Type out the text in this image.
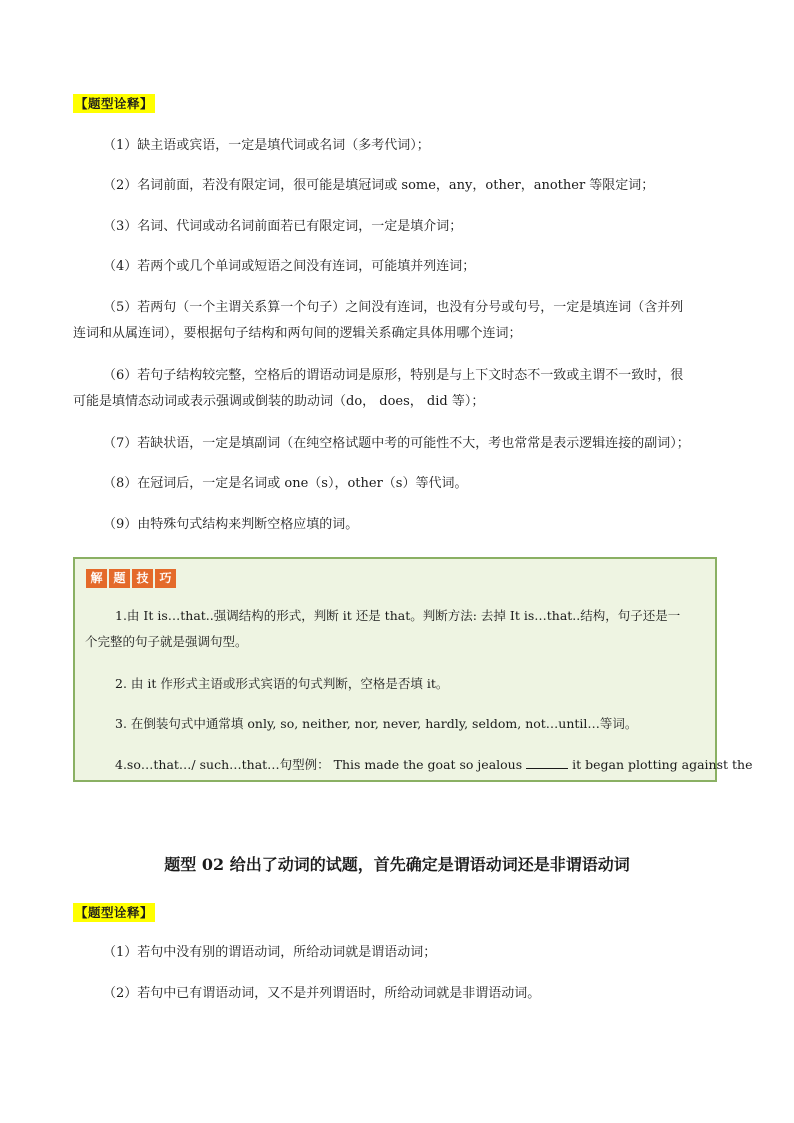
【题型诠释】
（1）缺主语或宾语，一定是填代词或名词（多考代词）；
（2）名词前面，若没有限定词，很可能是填冠词或 some，any，other，another 等限定词；
（3）名词、代词或动名词前面若已有限定词，一定是填介词；
（4）若两个或几个单词或短语之间没有连词，可能填并列连词；
（5）若两句（一个主谓关系算一个句子）之间没有连词，也没有分号或句号，一定是填连词（含并列
连词和从属连词），要根据句子结构和两句间的逻辑关系确定具体用哪个连词；
（6）若句子结构较完整，空格后的谓语动词是原形，特别是与上下文时态不一致或主谓不一致时，很
可能是填情态动词或表示强调或倒装的助动词（do， does， did 等）；
（7）若缺状语，一定是填副词（在纯空格试题中考的可能性不大，考也常常是表示逻辑连接的副词）；
（8）在冠词后，一定是名词或 one（s），other（s）等代词。
（9）由特殊句式结构来判断空格应填的词。
解 题 技 巧
1.由 It is…that..强调结构的形式，判断 it 还是 that。判断方法: 去掉 It is…that..结构，句子还是一
个完整的句子就是强调句型。
2. 由 it 作形式主语或形式宾语的句式判断，空格是否填 it。
3. 在倒装句式中通常填 only, so, neither, nor, never, hardly, seldom, not…until…等词。
4.so…that…/ such…that…句型例： This made the goat so jealous	it began plotting against the
题型 02 给出了动词的试题，首先确定是谓语动词还是非谓语动词
【题型诠释】
（1）若句中没有别的谓语动词，所给动词就是谓语动词；
（2）若句中已有谓语动词，又不是并列谓语时，所给动词就是非谓语动词。
